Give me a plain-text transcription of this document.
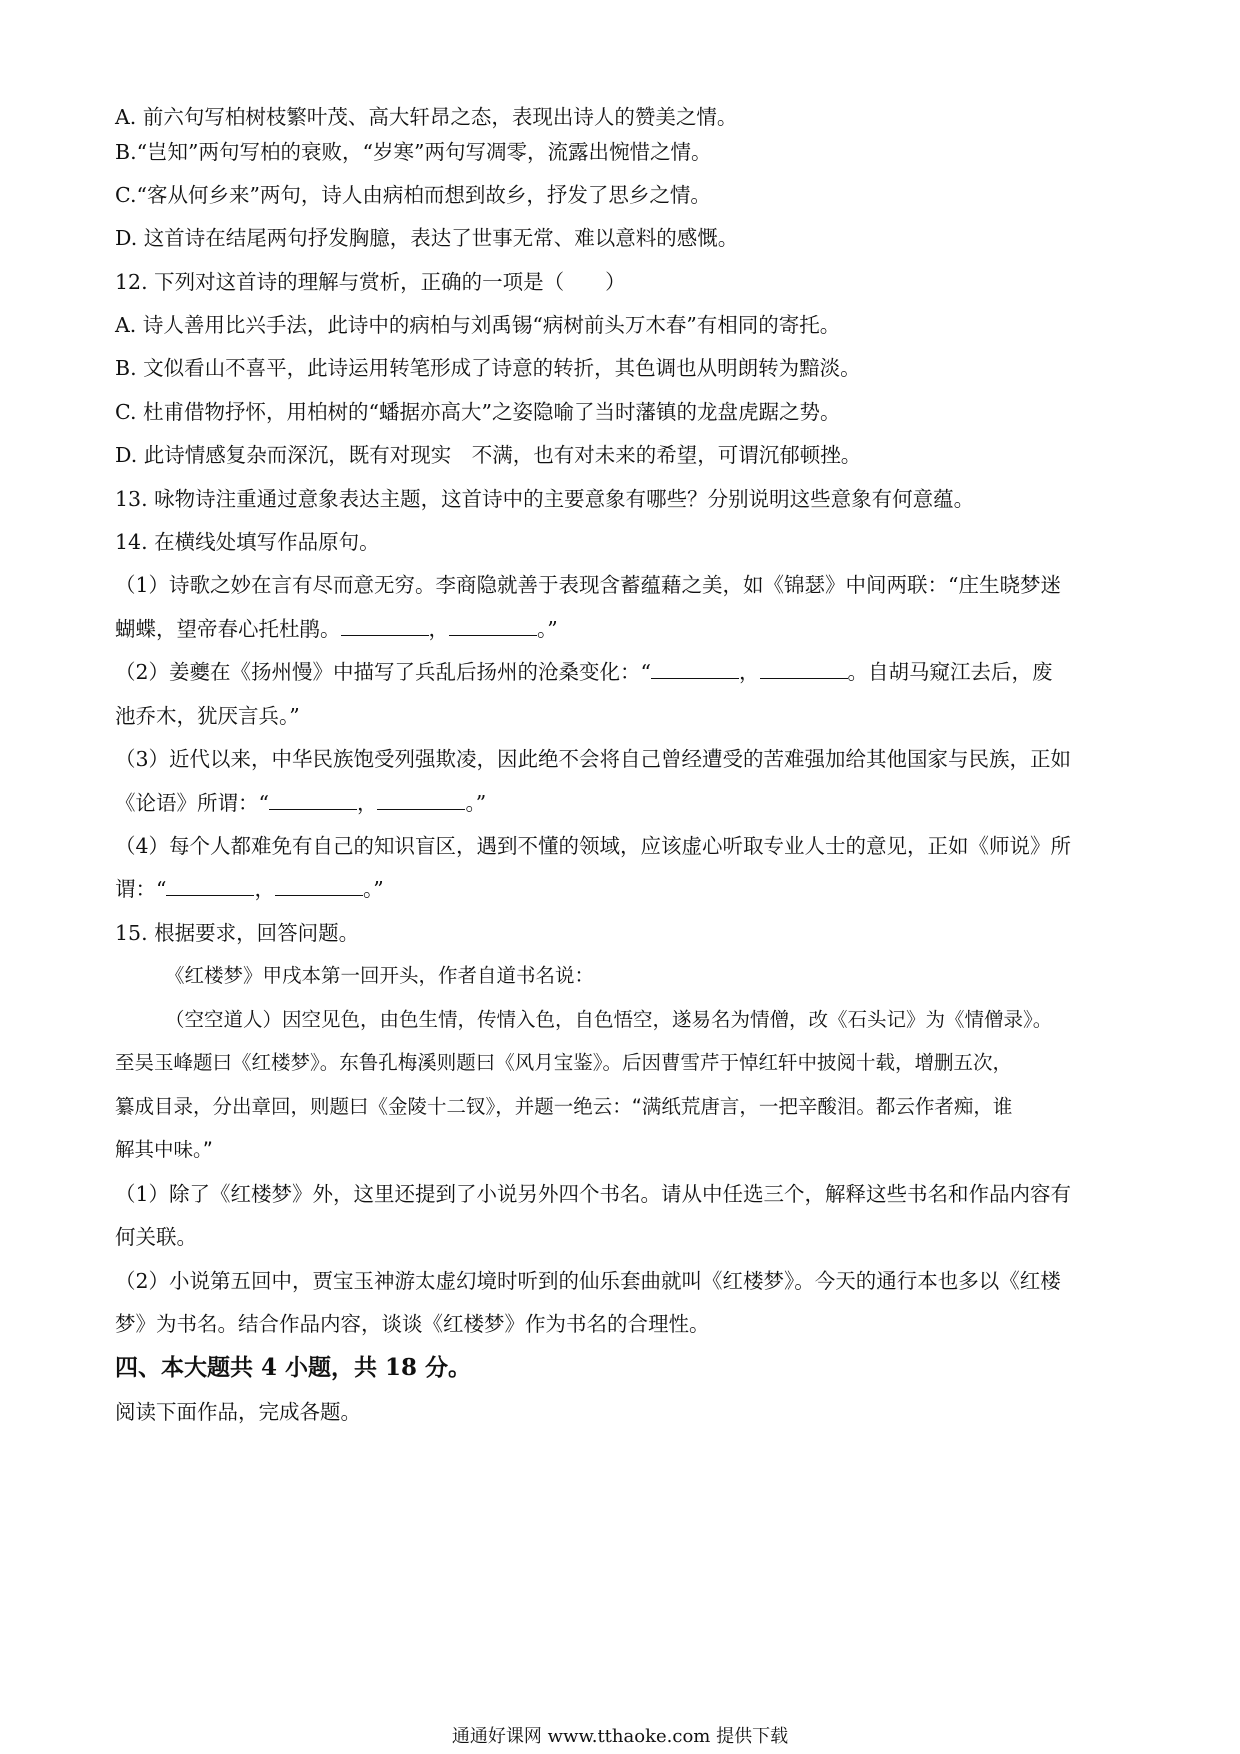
A. 前六句写柏树枝繁叶茂、高大轩昂之态，表现出诗人的赞美之情。
B.“岂知”两句写柏的衰败，“岁寒”两句写凋零，流露出惋惜之情。
C.“客从何乡来”两句，诗人由病柏而想到故乡，抒发了思乡之情。
D. 这首诗在结尾两句抒发胸臆，表达了世事无常、难以意料的感慨。
12. 下列对这首诗的理解与赏析，正确的一项是（　　）
A. 诗人善用比兴手法，此诗中的病柏与刘禹锡“病树前头万木春”有相同的寄托。
B. 文似看山不喜平，此诗运用转笔形成了诗意的转折，其色调也从明朗转为黯淡。
C. 杜甫借物抒怀，用柏树的“蟠据亦高大”之姿隐喻了当时藩镇的龙盘虎踞之势。
D. 此诗情感复杂而深沉，既有对现实　不满，也有对未来的希望，可谓沉郁顿挫。
13. 咏物诗注重通过意象表达主题，这首诗中的主要意象有哪些？分别说明这些意象有何意蕴。
14. 在横线处填写作品原句。
（1）诗歌之妙在言有尽而意无穷。李商隐就善于表现含蓄蕴藉之美，如《锦瑟》中间两联：“庄生晓梦迷
蝴蝶，望帝春心托杜鹃。	，	。”
（2）姜夔在《扬州慢》中描写了兵乱后扬州的沧桑变化：“	，	。自胡马窥江去后，废
池乔木，犹厌言兵。”
（3）近代以来，中华民族饱受列强欺凌，因此绝不会将自己曾经遭受的苦难强加给其他国家与民族，正如
《论语》所谓：“	，	。”
（4）每个人都难免有自己的知识盲区，遇到不懂的领域，应该虚心听取专业人士的意见，正如《师说》所
谓：“	，	。”
15. 根据要求，回答问题。
《红楼梦》甲戌本第一回开头，作者自道书名说：
（空空道人）因空见色，由色生情，传情入色，自色悟空，遂易名为情僧，改《石头记》为《情僧录》。
至吴玉峰题曰《红楼梦》。东鲁孔梅溪则题曰《风月宝鉴》。后因曹雪芹于悼红轩中披阅十载，增删五次，
纂成目录，分出章回，则题曰《金陵十二钗》，并题一绝云：“满纸荒唐言，一把辛酸泪。都云作者痴，谁
解其中味。”
（1）除了《红楼梦》外，这里还提到了小说另外四个书名。请从中任选三个，解释这些书名和作品内容有
何关联。
（2）小说第五回中，贾宝玉神游太虚幻境时听到的仙乐套曲就叫《红楼梦》。今天的通行本也多以《红楼
梦》为书名。结合作品内容，谈谈《红楼梦》作为书名的合理性。
四、本大题共 4 小题，共 18 分。
阅读下面作品，完成各题。
通通好课网 www.tthaoke.com 提供下载
